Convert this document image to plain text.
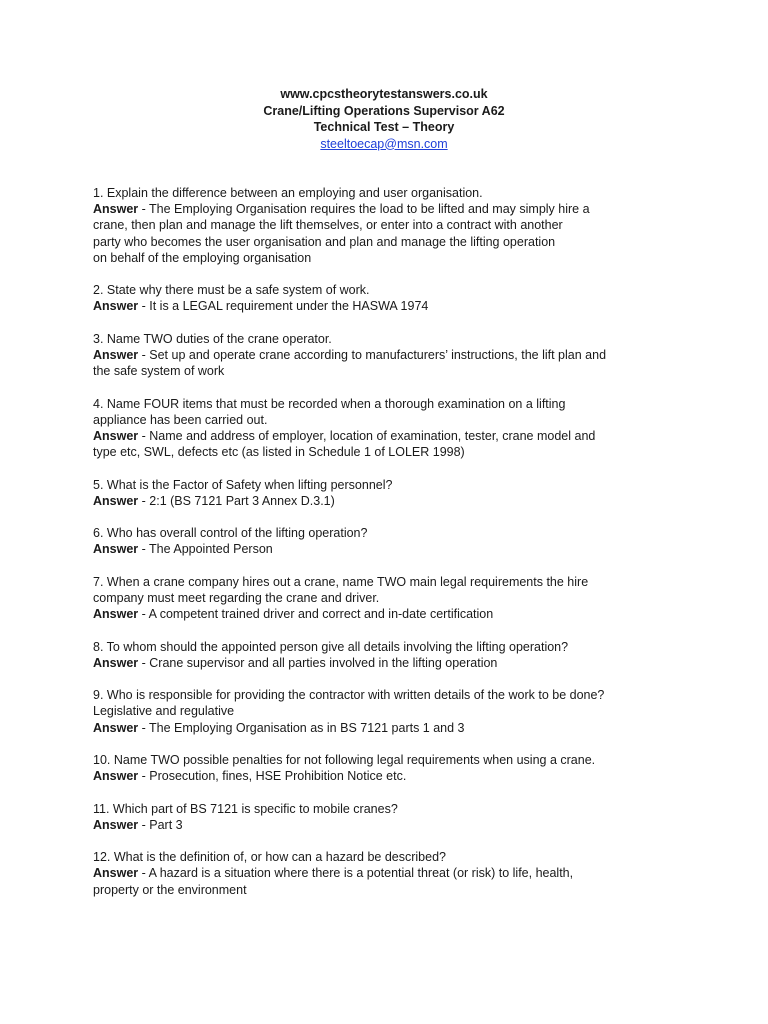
www.cpcstheorytestanswers.co.uk
Crane/Lifting Operations Supervisor A62
Technical Test – Theory
steeltoecap@msn.com

1. Explain the difference between an employing and user organisation.

Answer - The Employing Organisation requires the load to be lifted and may simply hire a
crane, then plan and manage the lift themselves, or enter into a contract with another
party who becomes the user organisation and plan and manage the lifting operation
on behalf of the employing organisation

2. State why there must be a safe system of work.

Answer - It is a LEGAL requirement under the HASWA 1974

3. Name TWO duties of the crane operator.

Answer - Set up and operate crane according to manufacturers’ instructions, the lift plan and
the safe system of work

4. Name FOUR items that must be recorded when a thorough examination on a lifting
appliance has been carried out.

Answer - Name and address of employer, location of examination, tester, crane model and
type etc, SWL, defects etc (as listed in Schedule 1 of LOLER 1998)

5. What is the Factor of Safety when lifting personnel?

Answer - 2:1 (BS 7121 Part 3 Annex D.3.1)

6. Who has overall control of the lifting operation?

Answer - The Appointed Person

7. When a crane company hires out a crane, name TWO main legal requirements the hire
company must meet regarding the crane and driver.

Answer - A competent trained driver and correct and in-date certification

8. To whom should the appointed person give all details involving the lifting operation?

Answer - Crane supervisor and all parties involved in the lifting operation

9. Who is responsible for providing the contractor with written details of the work to be done?
Legislative and regulative

Answer - The Employing Organisation as in BS 7121 parts 1 and 3

10. Name TWO possible penalties for not following legal requirements when using a crane.

Answer - Prosecution, fines, HSE Prohibition Notice etc.

11. Which part of BS 7121 is specific to mobile cranes?

Answer - Part 3

12. What is the definition of, or how can a hazard be described?

Answer - A hazard is a situation where there is a potential threat (or risk) to life, health,
property or the environment
